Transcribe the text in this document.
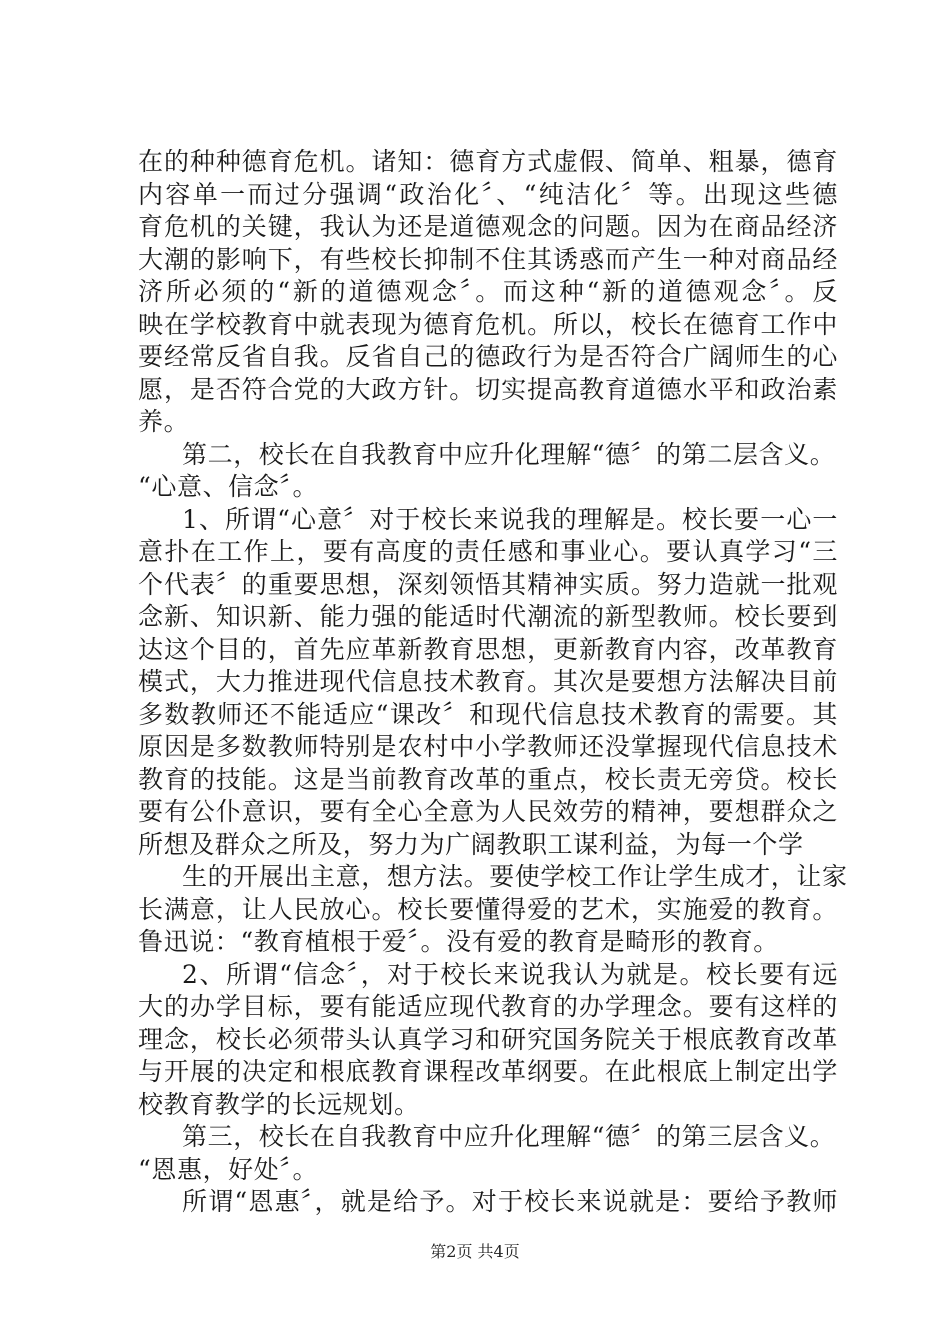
在的种种德育危机。诸知：德育方式虚假、简单、粗暴，德育
内容单一而过分强调“政治化〞、“纯洁化〞等。出现这些德
育危机的关键，我认为还是道德观念的问题。因为在商品经济
大潮的影响下，有些校长抑制不住其诱惑而产生一种对商品经
济所必须的“新的道德观念〞。而这种“新的道德观念〞。反
映在学校教育中就表现为德育危机。所以，校长在德育工作中
要经常反省自我。反省自己的德政行为是否符合广阔师生的心
愿，是否符合党的大政方针。切实提高教育道德水平和政治素
养。
第二，校长在自我教育中应升化理解“德〞的第二层含义。
“心意、信念〞。
1、所谓“心意〞对于校长来说我的理解是。校长要一心一
意扑在工作上，要有高度的责任感和事业心。要认真学习“三
个代表〞的重要思想，深刻领悟其精神实质。努力造就一批观
念新、知识新、能力强的能适时代潮流的新型教师。校长要到
达这个目的，首先应革新教育思想，更新教育内容，改革教育
模式，大力推进现代信息技术教育。其次是要想方法解决目前
多数教师还不能适应“课改〞和现代信息技术教育的需要。其
原因是多数教师特别是农村中小学教师还没掌握现代信息技术
教育的技能。这是当前教育改革的重点，校长责无旁贷。校长
要有公仆意识，要有全心全意为人民效劳的精神，要想群众之
所想及群众之所及，努力为广阔教职工谋利益，为每一个学
生的开展出主意，想方法。要使学校工作让学生成才，让家
长满意，让人民放心。校长要懂得爱的艺术，实施爱的教育。
鲁迅说：“教育植根于爱〞。没有爱的教育是畸形的教育。
2、所谓“信念〞，对于校长来说我认为就是。校长要有远
大的办学目标，要有能适应现代教育的办学理念。要有这样的
理念，校长必须带头认真学习和研究国务院关于根底教育改革
与开展的决定和根底教育课程改革纲要。在此根底上制定出学
校教育教学的长远规划。
第三，校长在自我教育中应升化理解“德〞的第三层含义。
“恩惠，好处〞。
所谓“恩惠〞，就是给予。对于校长来说就是：要给予教师
第2页 共4页
